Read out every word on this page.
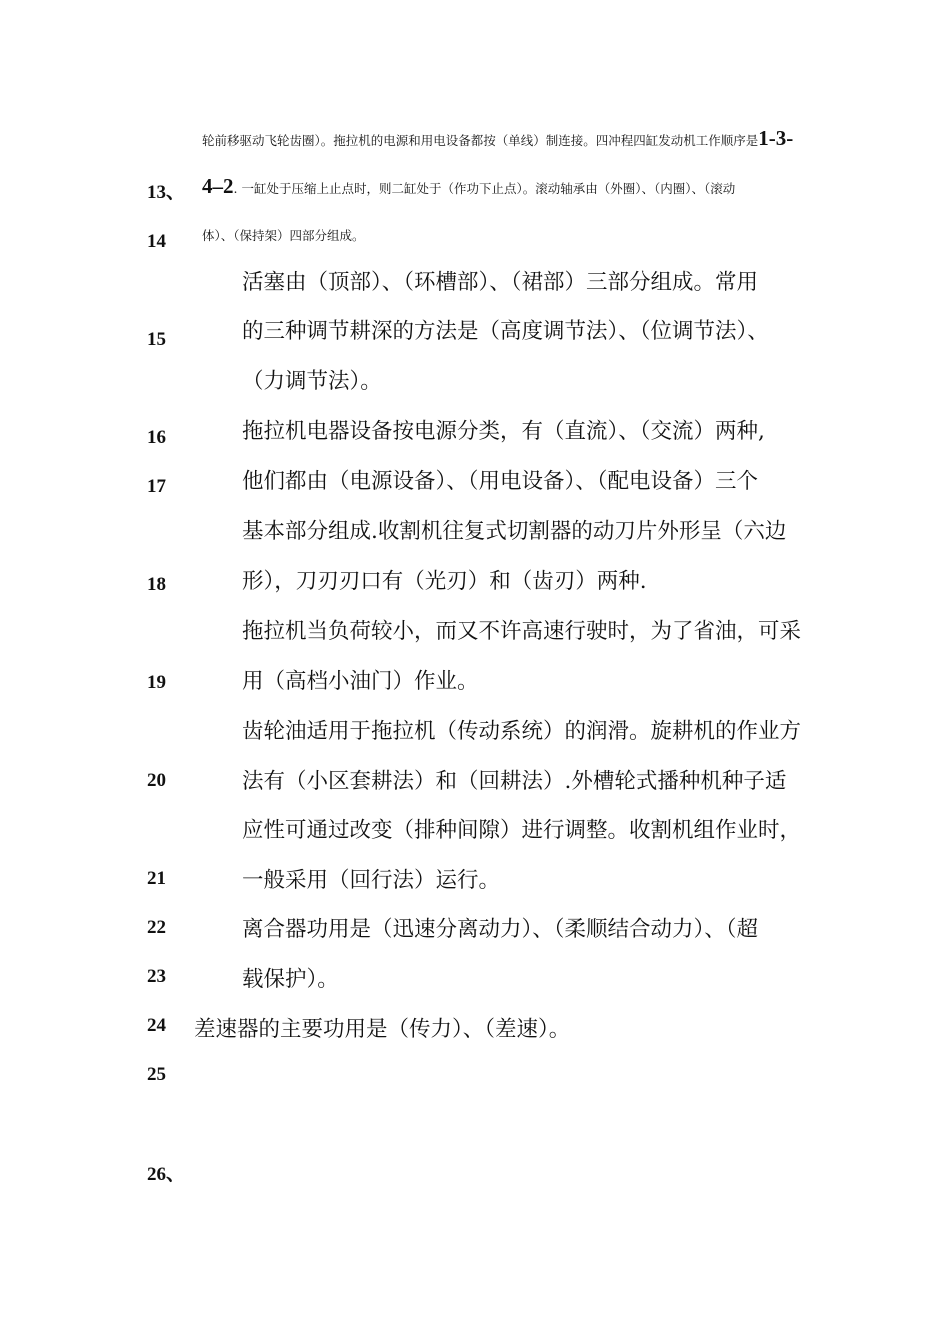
轮前移驱动飞轮齿圈）。拖拉机的电源和用电设备都按（单线）制连接。四冲程四缸发动机工作顺序是1-3-
4–2. 一缸处于压缩上止点时，则二缸处于（作功下止点）。滚动轴承由（外圈）、（内圈）、（滚动
体）、（保持架）四部分组成。
13、
14
15
16
17
18
19
20
21
22
23
24
25
26、
活塞由（顶部）、（环槽部）、（裙部）三部分组成。常用
的三种调节耕深的方法是（高度调节法）、（位调节法）、
（力调节法）。
拖拉机电器设备按电源分类，有（直流）、（交流）两种,
他们都由（电源设备）、（用电设备）、（配电设备）三个
基本部分组成.收割机往复式切割器的动刀片外形呈（六边
形），刀刃刃口有（光刃）和（齿刃）两种.
拖拉机当负荷较小，而又不许高速行驶时，为了省油，可采
用（高档小油门）作业。
齿轮油适用于拖拉机（传动系统）的润滑。旋耕机的作业方
法有（小区套耕法）和（回耕法）.外槽轮式播种机种子适
应性可通过改变（排种间隙）进行调整。收割机组作业时，
一般采用（回行法）运行。
离合器功用是（迅速分离动力）、（柔顺结合动力）、（超
载保护）。
差速器的主要功用是（传力）、（差速）。
